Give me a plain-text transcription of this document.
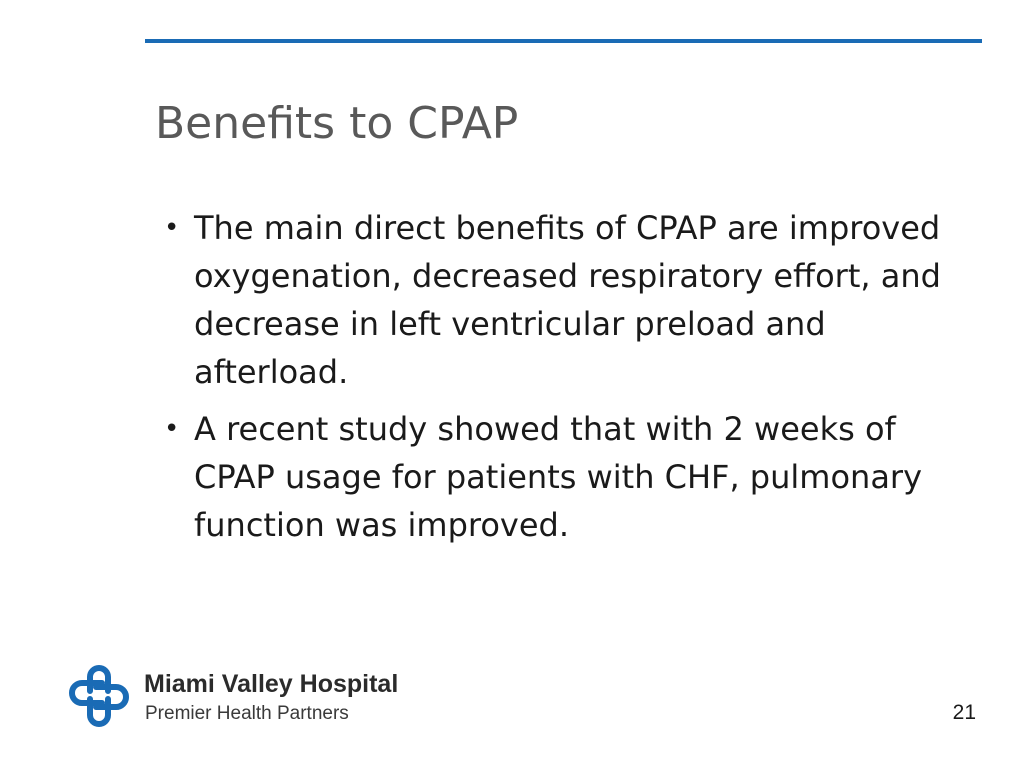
Benefits to CPAP
• The main direct benefits of CPAP are improved oxygenation, decreased respiratory effort, and decrease in left ventricular preload and afterload.
• A recent study showed that with 2 weeks of CPAP usage for patients with CHF, pulmonary function was improved.

Miami Valley Hospital

Premier Health Partners	21
